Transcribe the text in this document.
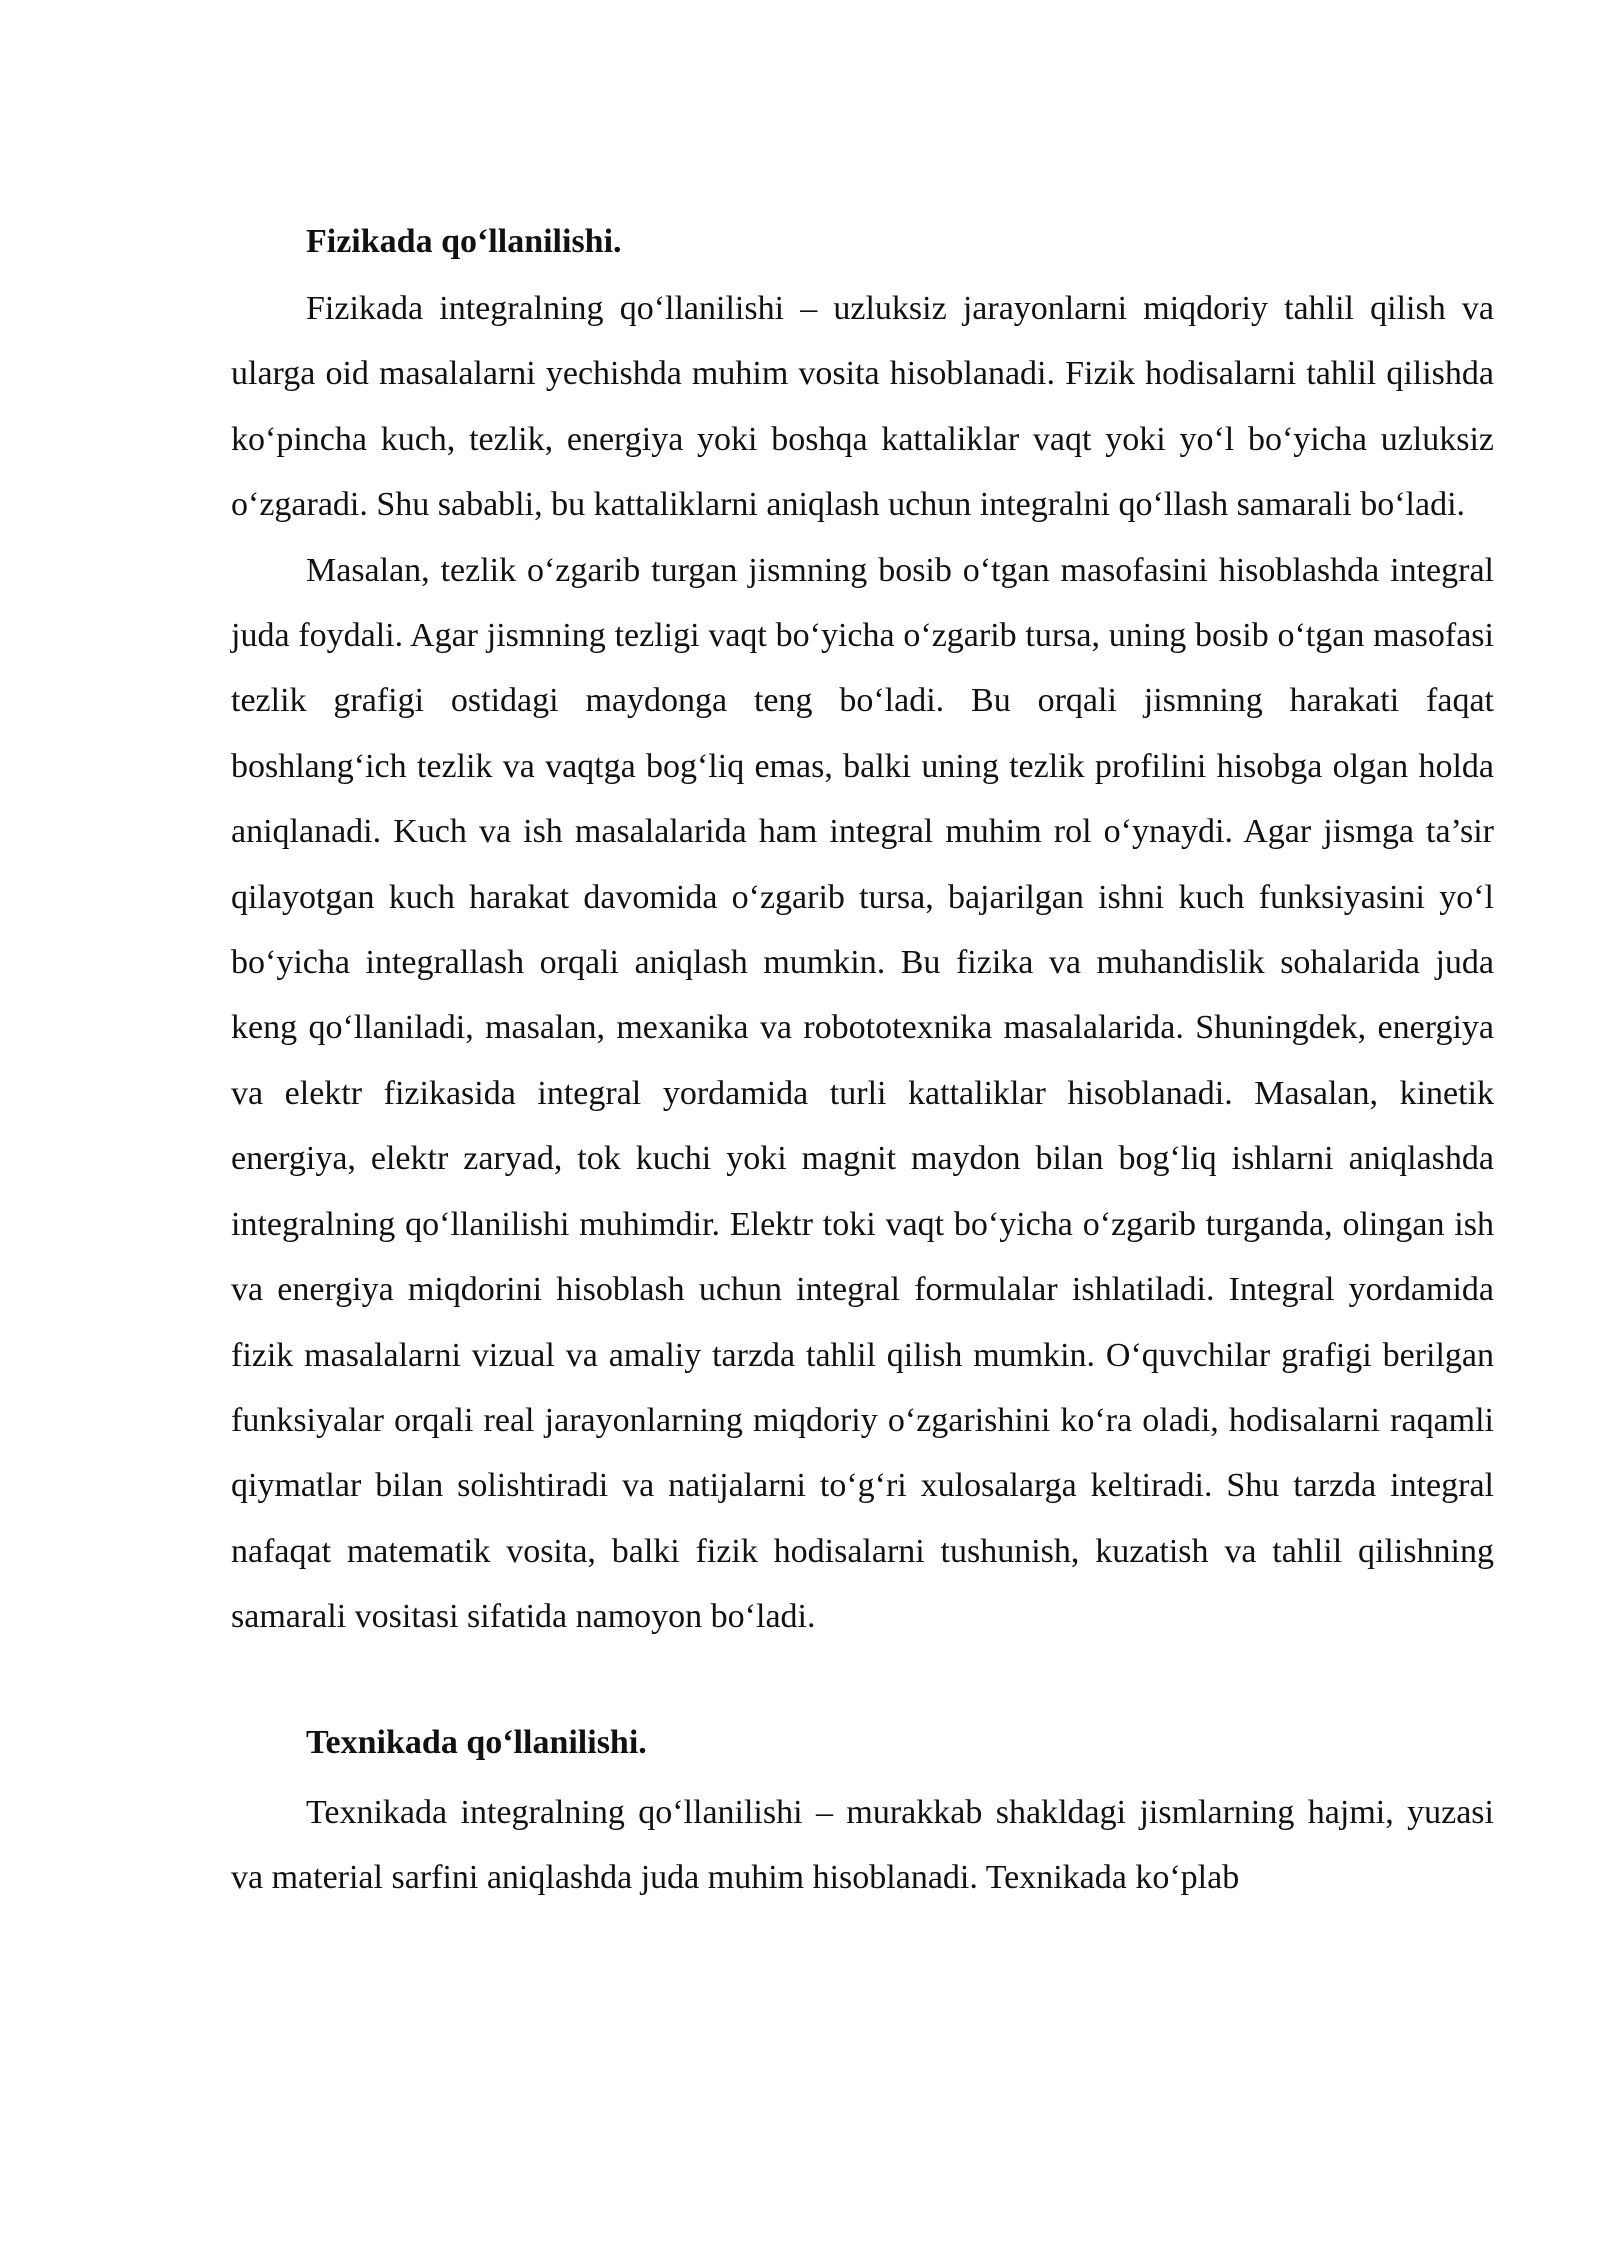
Fizikada qo‘llanilishi.

Fizikada integralning qo‘llanilishi – uzluksiz jarayonlarni miqdoriy tahlil qilish va ularga oid masalalarni yechishda muhim vosita hisoblanadi. Fizik hodisalarni tahlil qilishda ko‘pincha kuch, tezlik, energiya yoki boshqa kattaliklar vaqt yoki yo‘l bo‘yicha uzluksiz o‘zgaradi. Shu sababli, bu kattaliklarni aniqlash uchun integralni qo‘llash samarali bo‘ladi.

Masalan, tezlik o‘zgarib turgan jismning bosib o‘tgan masofasini hisoblashda integral juda foydali. Agar jismning tezligi vaqt bo‘yicha o‘zgarib tursa, uning bosib o‘tgan masofasi tezlik grafigi ostidagi maydonga teng bo‘ladi. Bu orqali jismning harakati faqat boshlang‘ich tezlik va vaqtga bog‘liq emas, balki uning tezlik profilini hisobga olgan holda aniqlanadi. Kuch va ish masalalarida ham integral muhim rol o‘ynaydi. Agar jismga ta’sir qilayotgan kuch harakat davomida o‘zgarib tursa, bajarilgan ishni kuch funksiyasini yo‘l bo‘yicha integrallash orqali aniqlash mumkin. Bu fizika va muhandislik sohalarida juda keng qo‘llaniladi, masalan, mexanika va robototexnika masalalarida. Shuningdek, energiya va elektr fizikasida integral yordamida turli kattaliklar hisoblanadi. Masalan, kinetik energiya, elektr zaryad, tok kuchi yoki magnit maydon bilan bog‘liq ishlarni aniqlashda integralning qo‘llanilishi muhimdir. Elektr toki vaqt bo‘yicha o‘zgarib turganda, olingan ish va energiya miqdorini hisoblash uchun integral formulalar ishlatiladi. Integral yordamida fizik masalalarni vizual va amaliy tarzda tahlil qilish mumkin. O‘quvchilar grafigi berilgan funksiyalar orqali real jarayonlarning miqdoriy o‘zgarishini ko‘ra oladi, hodisalarni raqamli qiymatlar bilan solishtiradi va natijalarni to‘g‘ri xulosalarga keltiradi. Shu tarzda integral nafaqat matematik vosita, balki fizik hodisalarni tushunish, kuzatish va tahlil qilishning samarali vositasi sifatida namoyon bo‘ladi.

Texnikada qo‘llanilishi.

Texnikada integralning qo‘llanilishi – murakkab shakldagi jismlarning hajmi, yuzasi va material sarfini aniqlashda juda muhim hisoblanadi. Texnikada ko‘plab
